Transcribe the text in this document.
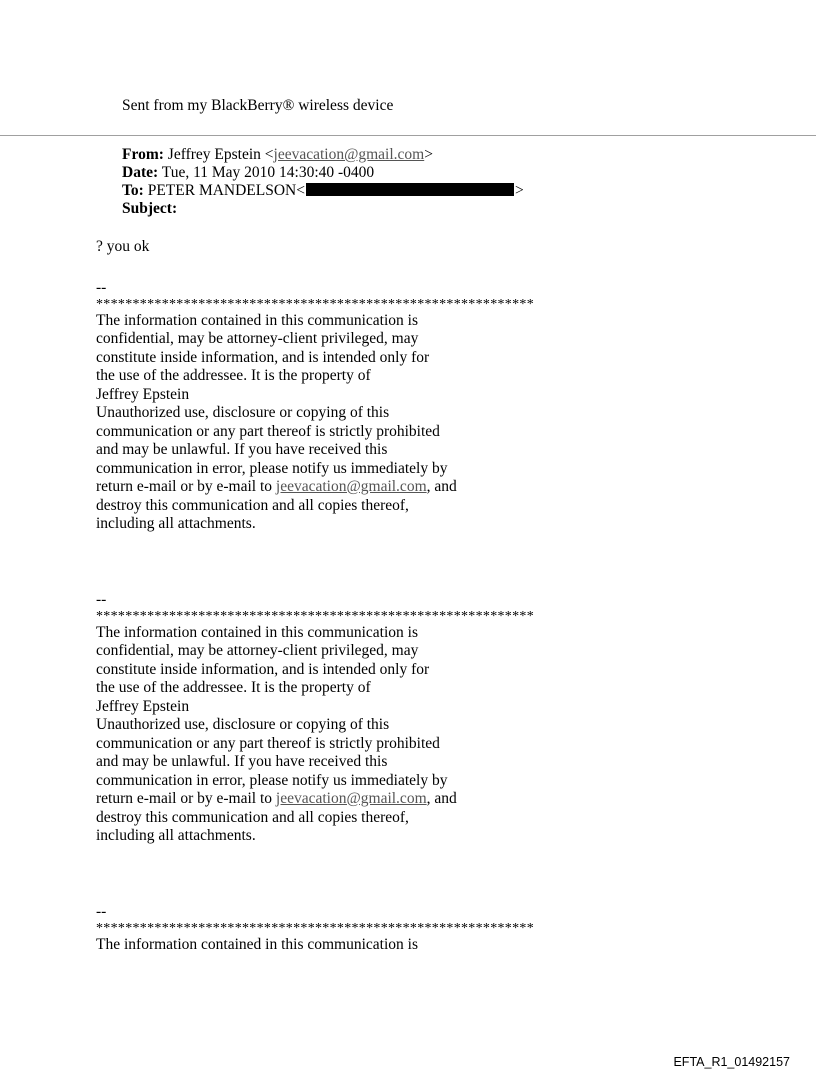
Sent from my BlackBerry® wireless device
From: Jeffrey Epstein <jeevacation@gmail.com>
Date: Tue, 11 May 2010 14:30:40 -0400
To: PETER MANDELSON<	>
Subject:
? you ok
--
************************************************************
The information contained in this communication is
confidential, may be attorney-client privileged, may
constitute inside information, and is intended only for
the use of the addressee. It is the property of
Jeffrey Epstein
Unauthorized use, disclosure or copying of this
communication or any part thereof is strictly prohibited
and may be unlawful. If you have received this
communication in error, please notify us immediately by
return e-mail or by e-mail to jeevacation@gmail.com, and
destroy this communication and all copies thereof,
including all attachments.
--
************************************************************
The information contained in this communication is
confidential, may be attorney-client privileged, may
constitute inside information, and is intended only for
the use of the addressee. It is the property of
Jeffrey Epstein
Unauthorized use, disclosure or copying of this
communication or any part thereof is strictly prohibited
and may be unlawful. If you have received this
communication in error, please notify us immediately by
return e-mail or by e-mail to jeevacation@gmail.com, and
destroy this communication and all copies thereof,
including all attachments.
--
************************************************************
The information contained in this communication is
EFTA_R1_01492157
